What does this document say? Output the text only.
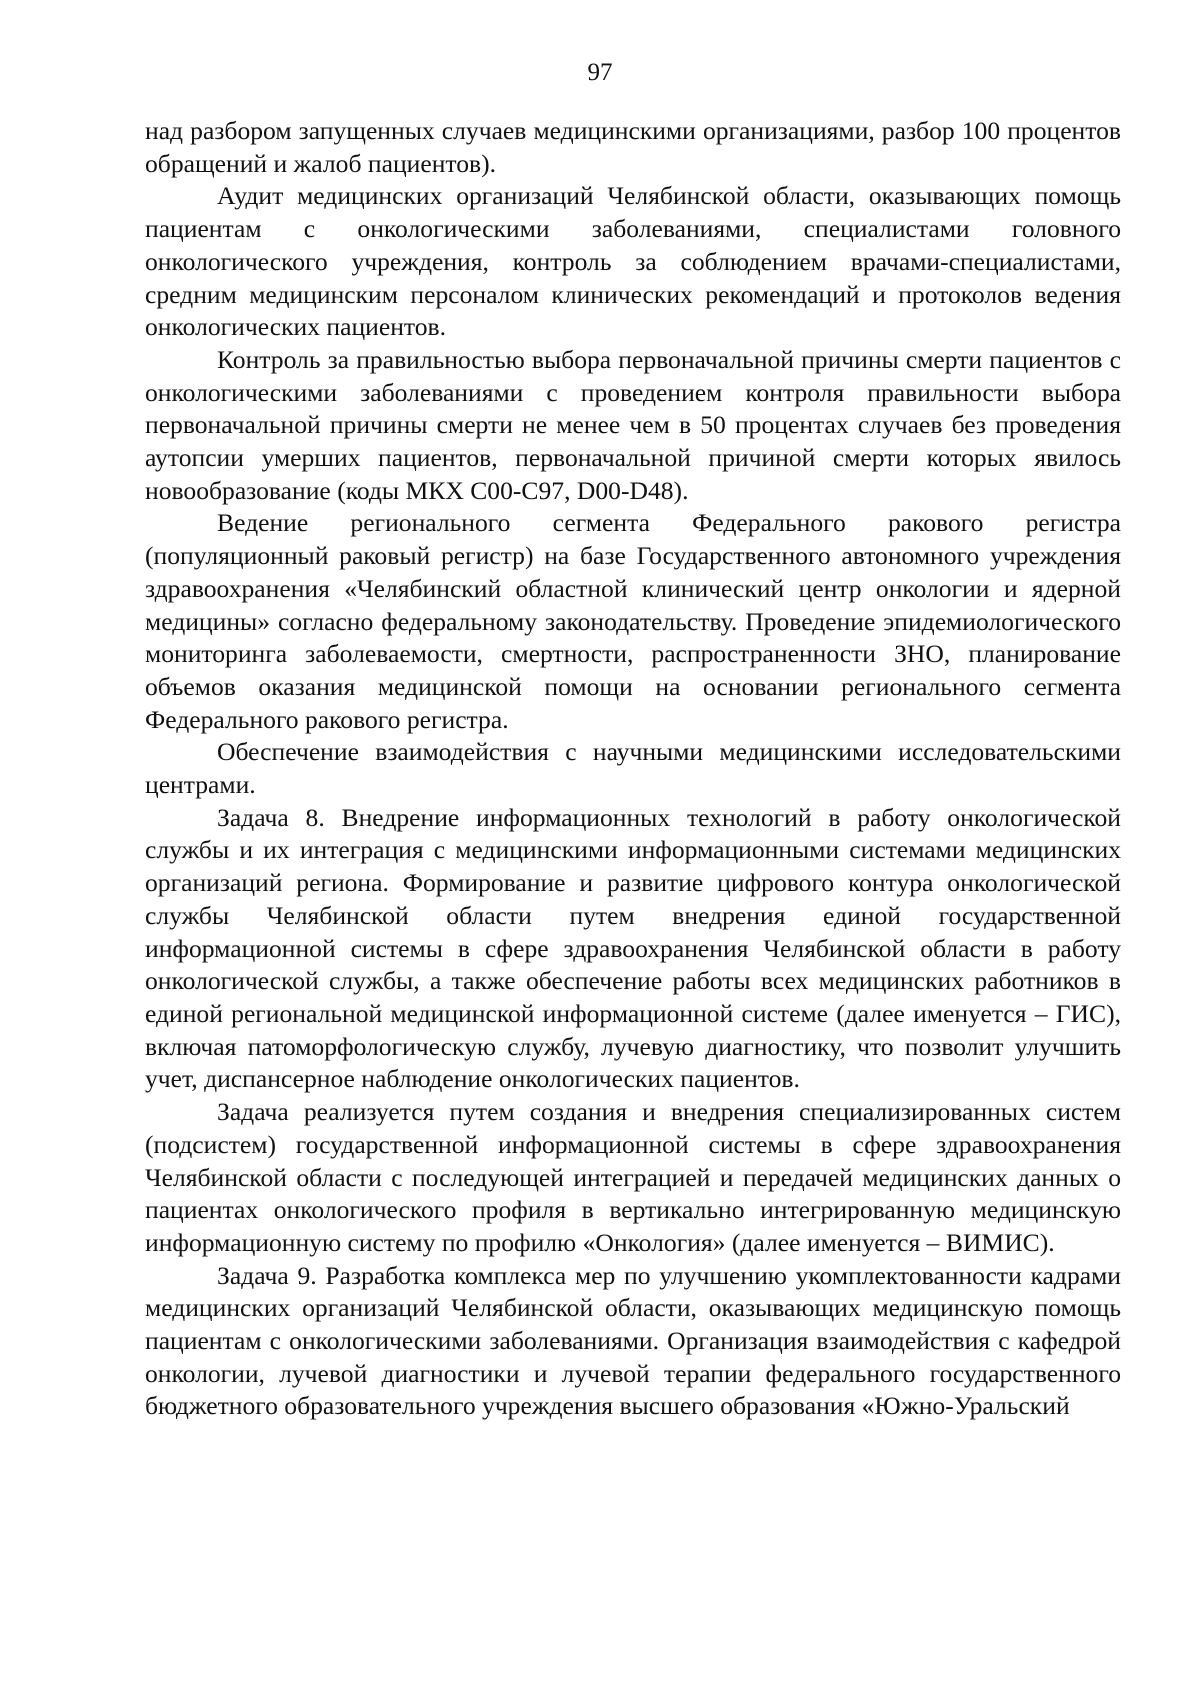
97

над разбором запущенных случаев медицинскими организациями, разбор 100 процентов обращений и жалоб пациентов).

Аудит медицинских организаций Челябинской области, оказывающих помощь пациентам с онкологическими заболеваниями, специалистами головного онкологического учреждения, контроль за соблюдением врачами-специалистами, средним медицинским персоналом клинических рекомендаций и протоколов ведения онкологических пациентов.

Контроль за правильностью выбора первоначальной причины смерти пациентов с онкологическими заболеваниями с проведением контроля правильности выбора первоначальной причины смерти не менее чем в 50 процентах случаев без проведения аутопсии умерших пациентов, первоначальной причиной смерти которых явилось новообразование (коды МКХ С00-С97, D00-D48).

Ведение регионального сегмента Федерального ракового регистра (популяционный раковый регистр) на базе Государственного автономного учреждения здравоохранения «Челябинский областной клинический центр онкологии и ядерной медицины» согласно федеральному законодательству. Проведение эпидемиологического мониторинга заболеваемости, смертности, распространенности ЗНО, планирование объемов оказания медицинской помощи на основании регионального сегмента Федерального ракового регистра.

Обеспечение взаимодействия с научными медицинскими исследовательскими центрами.

Задача 8. Внедрение информационных технологий в работу онкологической службы и их интеграция с медицинскими информационными системами медицинских организаций региона. Формирование и развитие цифрового контура онкологической службы Челябинской области путем внедрения единой государственной информационной системы в сфере здравоохранения Челябинской области в работу онкологической службы, а также обеспечение работы всех медицинских работников в единой региональной медицинской информационной системе (далее именуется – ГИС), включая патоморфологическую службу, лучевую диагностику, что позволит улучшить учет, диспансерное наблюдение онкологических пациентов.

Задача реализуется путем создания и внедрения специализированных систем (подсистем) государственной информационной системы в сфере здравоохранения Челябинской области с последующей интеграцией и передачей медицинских данных о пациентах онкологического профиля в вертикально интегрированную медицинскую информационную систему по профилю «Онкология» (далее именуется – ВИМИС).

Задача 9. Разработка комплекса мер по улучшению укомплектованности кадрами медицинских организаций Челябинской области, оказывающих медицинскую помощь пациентам с онкологическими заболеваниями. Организация взаимодействия с кафедрой онкологии, лучевой диагностики и лучевой терапии федерального государственного бюджетного образовательного учреждения высшего образования «Южно-Уральский
